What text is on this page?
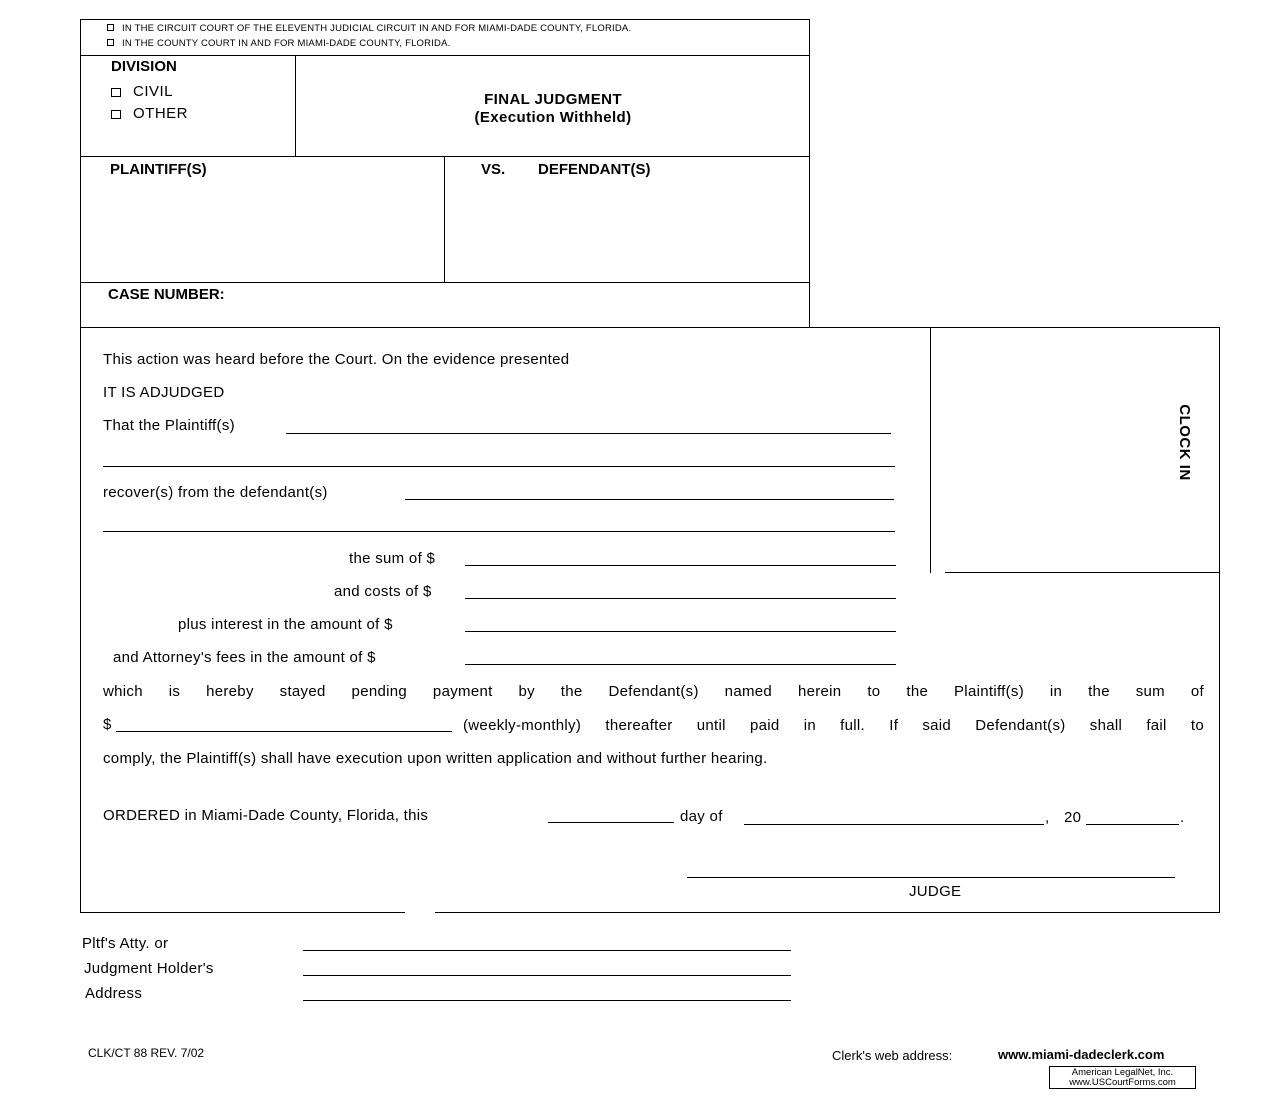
IN THE CIRCUIT COURT OF THE ELEVENTH JUDICIAL CIRCUIT IN AND FOR MIAMI-DADE COUNTY, FLORIDA.
IN THE COUNTY COURT IN AND FOR MIAMI-DADE COUNTY, FLORIDA.
DIVISION
CIVIL
OTHER
FINAL JUDGMENT
(Execution Withheld)
PLAINTIFF(S)	VS. DEFENDANT(S)
CASE NUMBER:
CLOCK IN
This action was heard before the Court. On the evidence presented
IT IS ADJUDGED
That the Plaintiff(s)
recover(s) from the defendant(s)
the sum of $
and costs of $
plus interest in the amount of $
and Attorney's fees in the amount of $
which is hereby stayed pending payment by the Defendant(s) named herein to the Plaintiff(s) in the sum of
$	(weekly-monthly) thereafter until paid in full. If said Defendant(s) shall fail to
comply, the Plaintiff(s) shall have execution upon written application and without further hearing.
ORDERED in Miami-Dade County, Florida, this	day of	, 20	.
JUDGE
Pltf's Atty. or
Judgment Holder's
Address
CLK/CT 88 REV. 7/02	Clerk's web address:	www.miami-dadeclerk.com
American LegalNet, Inc.
www.USCourtForms.com
